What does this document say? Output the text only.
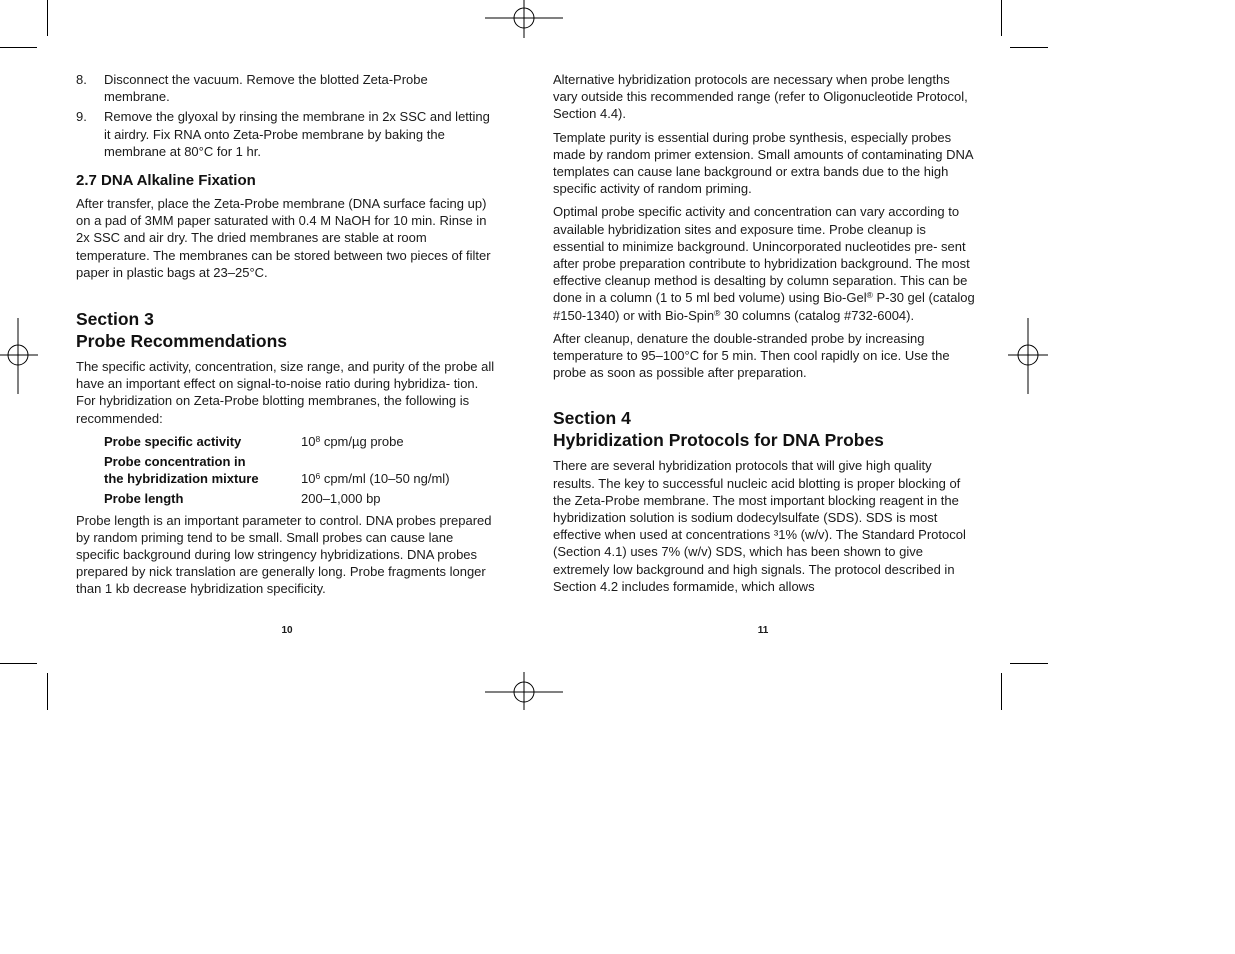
8.	Disconnect the vacuum. Remove the blotted Zeta-Probe membrane.
9.	Remove the glyoxal by rinsing the membrane in 2x SSC and letting it airdry. Fix RNA onto Zeta-Probe membrane by baking the membrane at 80°C for 1 hr.
2.7 DNA Alkaline Fixation

After transfer, place the Zeta-Probe membrane (DNA surface facing up) on a pad of 3MM paper saturated with 0.4 M NaOH for 10 min. Rinse in 2x SSC and air dry. The dried membranes are stable at room temperature. The membranes can be stored between two pieces of filter paper in plastic bags at 23–25°C.

Section 3
Probe Recommendations

The specific activity, concentration, size range, and purity of the probe all have an important effect on signal-to-noise ratio during hybridiza- tion. For hybridization on Zeta-Probe blotting membranes, the following is recommended:

Probe specific activity	$10^8$ cpm/µg probe
Probe concentration in
the hybridization mixture	$10^6$ cpm/ml (10–50 ng/ml)
Probe length	200–1,000 bp

Probe length is an important parameter to control. DNA probes prepared by random priming tend to be small. Small probes can cause lane specific background during low stringency hybridizations. DNA probes prepared by nick translation are generally long. Probe fragments longer than 1 kb decrease hybridization specificity.

10

Alternative hybridization protocols are necessary when probe lengths vary outside this recommended range (refer to Oligonucleotide Protocol, Section 4.4).

Template purity is essential during probe synthesis, especially probes made by random primer extension. Small amounts of contaminating DNA templates can cause lane background or extra bands due to the high specific activity of random priming.

Optimal probe specific activity and concentration can vary according to available hybridization sites and exposure time. Probe cleanup is essential to minimize background. Unincorporated nucleotides pre- sent after probe preparation contribute to hybridization background. The most effective cleanup method is desalting by column separation. This can be done in a column (1 to 5 ml bed volume) using Bio-Gel® P-30 gel (catalog #150-1340) or with Bio-Spin® 30 columns (catalog #732-6004).

After cleanup, denature the double-stranded probe by increasing temperature to 95–100°C for 5 min. Then cool rapidly on ice. Use the probe as soon as possible after preparation.

Section 4
Hybridization Protocols for DNA Probes

There are several hybridization protocols that will give high quality results. The key to successful nucleic acid blotting is proper blocking of the Zeta-Probe membrane. The most important blocking reagent in the hybridization solution is sodium dodecylsulfate (SDS). SDS is most effective when used at concentrations ³1% (w/v). The Standard Protocol (Section 4.1) uses 7% (w/v) SDS, which has been shown to give extremely low background and high signals. The protocol described in Section 4.2 includes formamide, which allows

11
